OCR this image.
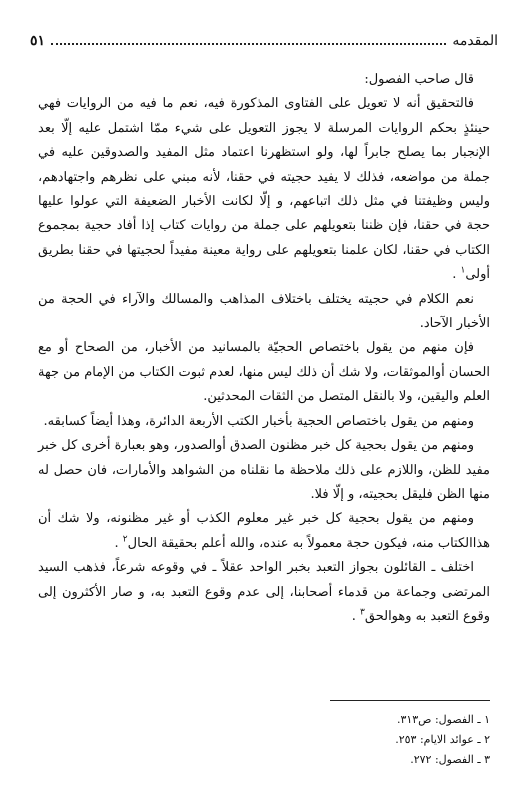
المقدمه
٥١

قال صاحب الفصول:

فالتحقيق أنه لا تعويل على الفتاوى المذكورة فيه، نعم ما فيه من الروايات فهي حينئذٍ بحكم الروايات المرسلة لا يجوز التعويل على شيء ممّا اشتمل عليه إلّا بعد الإنجبار بما يصلح جابراً لها، ولو استظهرنا اعتماد مثل المفيد والصدوقين عليه في جملة من مواضعه، فذلك لا يفيد حجيته في حقنا، لأنه مبني على نظرهم واجتهادهم، وليس وظيفتنا في مثل ذلك اتباعهم، و إلّا لكانت الأخبار الضعيفة التي عولوا عليها حجة في حقنا، فإن ظننا بتعويلهم على جملة من روايات كتاب إذا أفاد حجية بمجموع الكتاب في حقنا، لكان علمنا بتعويلهم على رواية معينة مفيداً لحجيتها في حقنا بطريق أولى$^١$ .

نعم الكلام في حجيته يختلف باختلاف المذاهب والمسالك والآراء في الحجة من الأخبار الآحاد.

فإن منهم من يقول باختصاص الحجيّة بالمسانيد من الأخبار، من الصحاح أو مع الحسان أوالموثقات، ولا شك أن ذلك ليس منها، لعدم ثبوت الكتاب من الإمام من جهة العلم واليقين، ولا بالنقل المتصل من الثقات المحدثين.

ومنهم من يقول باختصاص الحجية بأخبار الكتب الأربعة الدائرة، وهذا أيضاً كسابقه.

ومنهم من يقول بحجية كل خبر مظنون الصدق أوالصدور، وهو بعبارة أخرى كل خبر مفيد للظن، واللازم على ذلك ملاحظة ما نقلناه من الشواهد والأمارات، فان حصل له منها الظن فليقل بحجيته، و إلّا فلا.

ومنهم من يقول بحجية كل خبر غير معلوم الكذب أو غير مظنونه، ولا شك أن هذاالكتاب منه، فيكون حجة معمولاً به عنده، والله أعلم بحقيقة الحال$^٢$ .

اختلف ـ القائلون بجواز التعبد بخبر الواحد عقلاً ـ في وقوعه شرعاً، فذهب السيد المرتضى وجماعة من قدماء أصحابنا، إلى عدم وقوع التعبد به، و صار الأكثرون إلى وقوع التعبد به وهوالحق$^٣$ .

١ ـ الفصول: ص٣١٣.
٢ ـ عوائد الايام: ٢٥٣.
٣ ـ الفصول: ٢٧٢.
